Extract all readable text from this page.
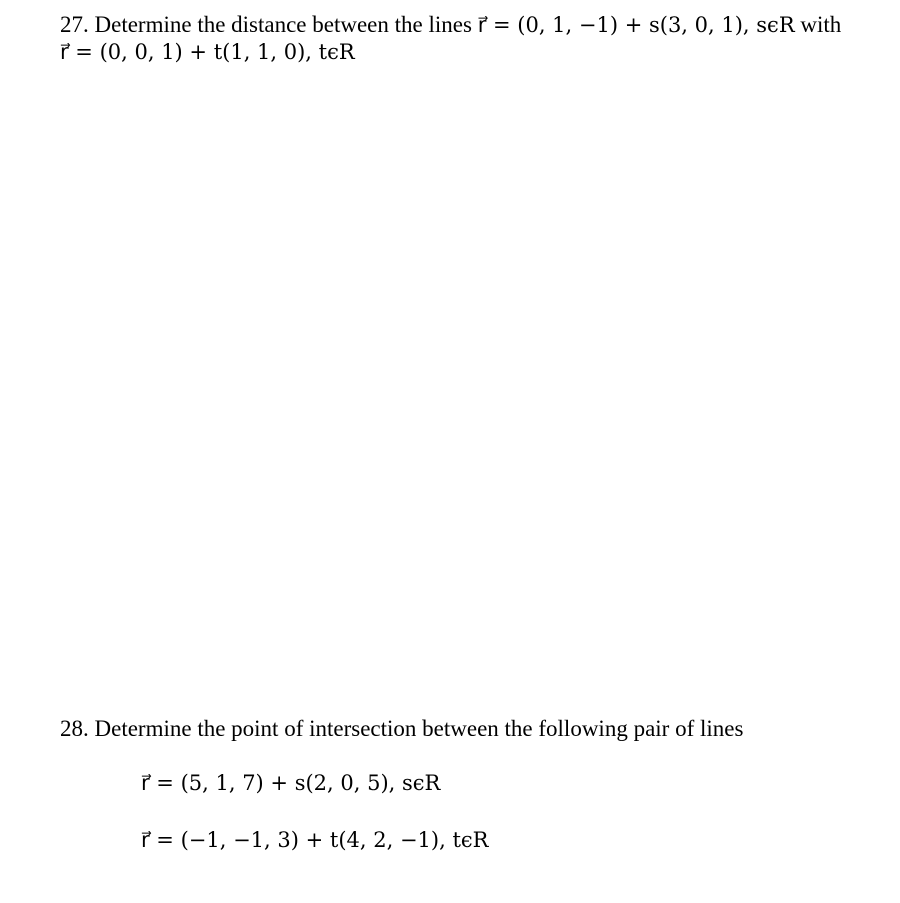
27. Determine the distance between the lines r⃗ = (0, 1, −1) + s(3, 0, 1), sϵR with
r⃗ = (0, 0, 1) + t(1, 1, 0), tϵR
28. Determine the point of intersection between the following pair of lines
r⃗ = (5, 1, 7) + s(2, 0, 5), sϵR
r⃗ = (−1, −1, 3) + t(4, 2, −1), tϵR
